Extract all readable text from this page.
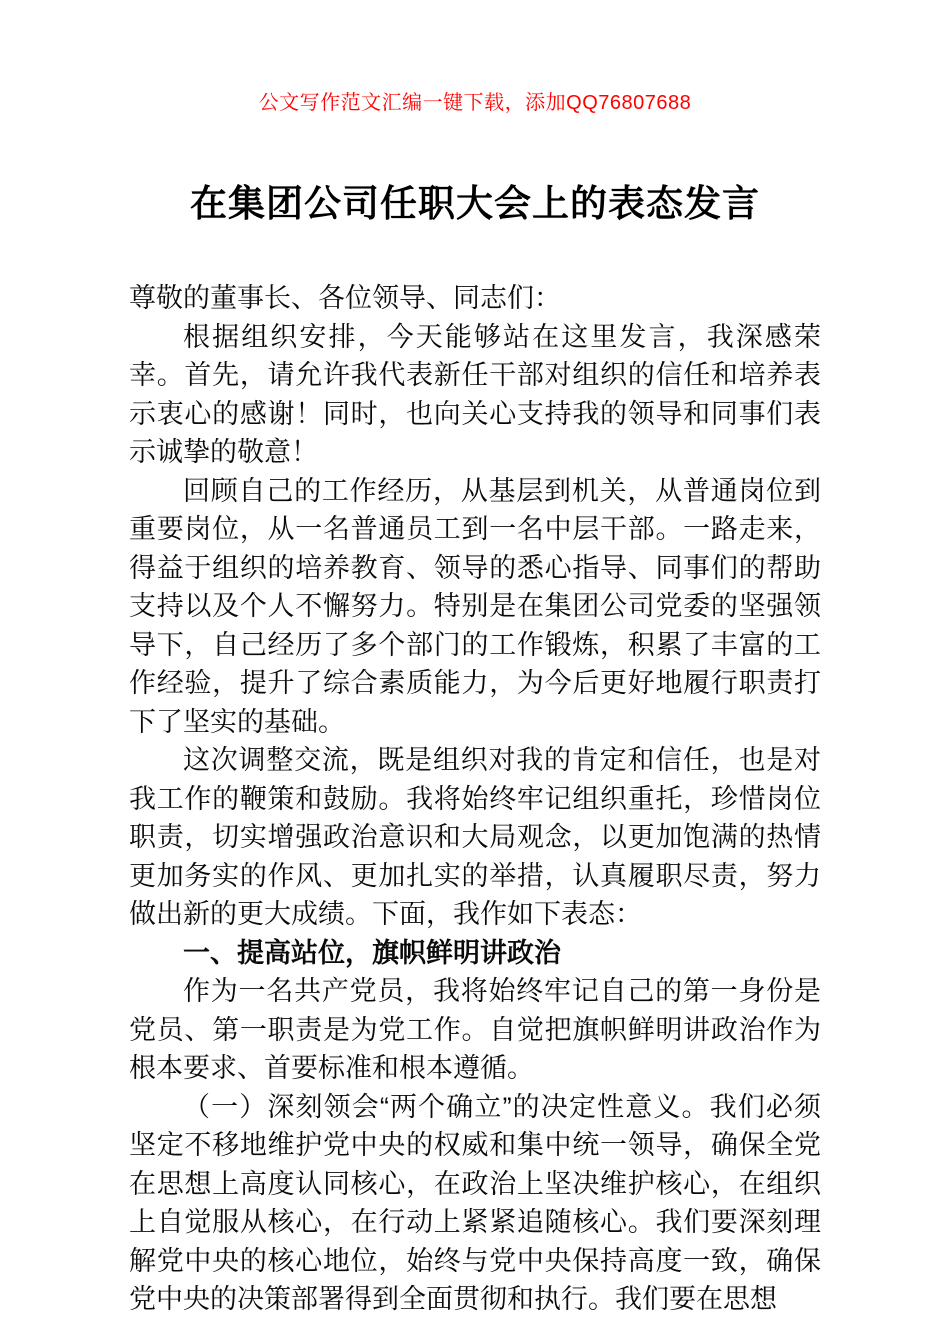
公文写作范文汇编一键下载，添加QQ76807688
在集团公司任职大会上的表态发言

尊敬的董事长、各位领导、同志们：

根据组织安排，今天能够站在这里发言，我深感荣幸。首先，请允许我代表新任干部对组织的信任和培养表示衷心的感谢！同时，也向关心支持我的领导和同事们表示诚挚的敬意！

回顾自己的工作经历，从基层到机关，从普通岗位到重要岗位，从一名普通员工到一名中层干部。一路走来，得益于组织的培养教育、领导的悉心指导、同事们的帮助支持以及个人不懈努力。特别是在集团公司党委的坚强领导下，自己经历了多个部门的工作锻炼，积累了丰富的工作经验，提升了综合素质能力，为今后更好地履行职责打下了坚实的基础。

这次调整交流，既是组织对我的肯定和信任，也是对我工作的鞭策和鼓励。我将始终牢记组织重托，珍惜岗位职责，切实增强政治意识和大局观念，以更加饱满的热情更加务实的作风、更加扎实的举措，认真履职尽责，努力做出新的更大成绩。下面，我作如下表态：

一、提高站位，旗帜鲜明讲政治

作为一名共产党员，我将始终牢记自己的第一身份是党员、第一职责是为党工作。自觉把旗帜鲜明讲政治作为根本要求、首要标准和根本遵循。

（一）深刻领会“两个确立”的决定性意义。我们必须坚定不移地维护党中央的权威和集中统一领导，确保全党在思想上高度认同核心，在政治上坚决维护核心，在组织上自觉服从核心，在行动上紧紧追随核心。我们要深刻理解党中央的核心地位，始终与党中央保持高度一致，确保党中央的决策部署得到全面贯彻和执行。我们要在思想
